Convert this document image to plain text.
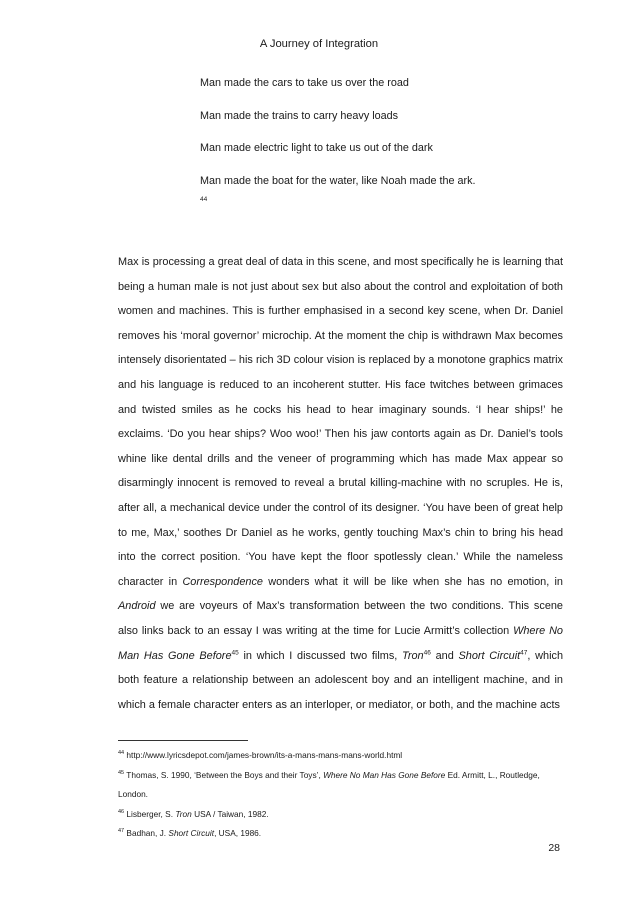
A Journey of Integration
Man made the cars to take us over the road
Man made the trains to carry heavy loads
Man made electric light to take us out of the dark
Man made the boat for the water, like Noah made the ark.
44

Max is processing a great deal of data in this scene, and most specifically he is learning that being a human male is not just about sex but also about the control and exploitation of both women and machines. This is further emphasised in a second key scene, when Dr. Daniel removes his ‘moral governor’ microchip. At the moment the chip is withdrawn Max becomes intensely disorientated – his rich 3D colour vision is replaced by a monotone graphics matrix and his language is reduced to an incoherent stutter. His face twitches between grimaces and twisted smiles as he cocks his head to hear imaginary sounds. ‘I hear ships!’ he exclaims. ‘Do you hear ships? Woo woo!’ Then his jaw contorts again as Dr. Daniel’s tools whine like dental drills and the veneer of programming which has made Max appear so disarmingly innocent is removed to reveal a brutal killing-machine with no scruples. He is, after all, a mechanical device under the control of its designer. ‘You have been of great help to me, Max,’ soothes Dr Daniel as he works, gently touching Max’s chin to bring his head into the correct position. ‘You have kept the floor spotlessly clean.’ While the nameless character in Correspondence wonders what it will be like when she has no emotion, in Android we are voyeurs of Max’s transformation between the two conditions. This scene also links back to an essay I was writing at the time for Lucie Armitt’s collection Where No Man Has Gone Before$^{45}$ in which I discussed two films, Tron$^{46}$ and Short Circuit$^{47}$, which both feature a relationship between an adolescent boy and an intelligent machine, and in which a female character enters as an interloper, or mediator, or both, and the machine acts

$^{44}$ http://www.lyricsdepot.com/james-brown/its-a-mans-mans-mans-world.html
$^{45}$ Thomas, S. 1990, ‘Between the Boys and their Toys’, Where No Man Has Gone Before Ed. Armitt, L., Routledge, London.
$^{46}$ Lisberger, S. Tron USA / Taiwan, 1982.
$^{47}$ Badhan, J. Short Circuit, USA, 1986.
28
